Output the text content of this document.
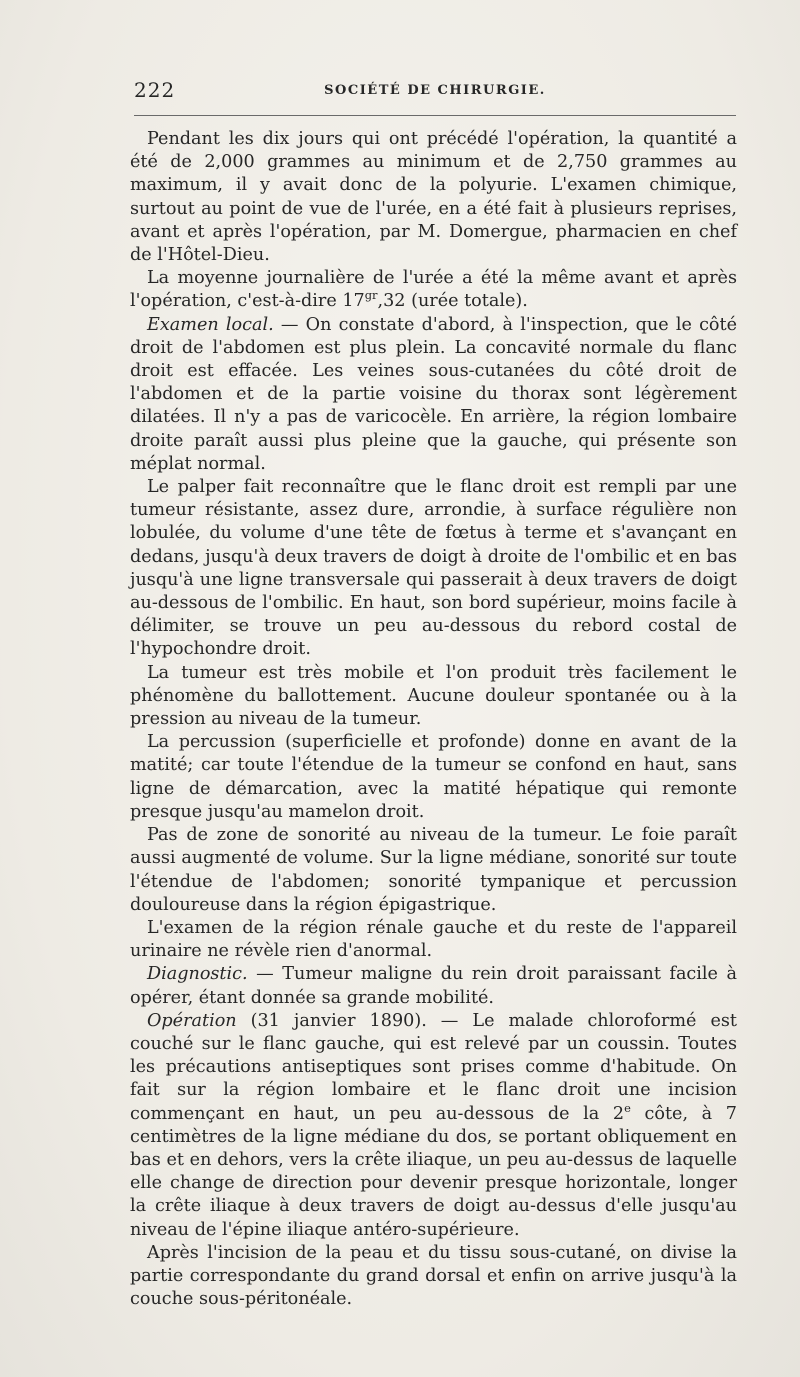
222	SOCIÉTÉ DE CHIRURGIE.

Pendant les dix jours qui ont précédé l'opération, la quantité a été de 2,000 grammes au minimum et de 2,750 grammes au maximum, il y avait donc de la polyurie. L'examen chimique, surtout au point de vue de l'urée, en a été fait à plusieurs reprises, avant et après l'opération, par M. Domergue, pharmacien en chef de l'Hôtel-Dieu.

La moyenne journalière de l'urée a été la même avant et après l'opération, c'est-à-dire $17^{gr},32$ (urée totale).

Examen local. — On constate d'abord, à l'inspection, que le côté droit de l'abdomen est plus plein. La concavité normale du flanc droit est effacée. Les veines sous-cutanées du côté droit de l'abdomen et de la partie voisine du thorax sont légèrement dilatées. Il n'y a pas de varicocèle. En arrière, la région lombaire droite paraît aussi plus pleine que la gauche, qui présente son méplat normal.

Le palper fait reconnaître que le flanc droit est rempli par une tumeur résistante, assez dure, arrondie, à surface régulière non lobulée, du volume d'une tête de fœtus à terme et s'avançant en dedans, jusqu'à deux travers de doigt à droite de l'ombilic et en bas jusqu'à une ligne transversale qui passerait à deux travers de doigt au-dessous de l'ombilic. En haut, son bord supérieur, moins facile à délimiter, se trouve un peu au-dessous du rebord costal de l'hypochondre droit.

La tumeur est très mobile et l'on produit très facilement le phénomène du ballottement. Aucune douleur spontanée ou à la pression au niveau de la tumeur.

La percussion (superficielle et profonde) donne en avant de la matité; car toute l'étendue de la tumeur se confond en haut, sans ligne de démarcation, avec la matité hépatique qui remonte presque jusqu'au mamelon droit.

Pas de zone de sonorité au niveau de la tumeur. Le foie paraît aussi augmenté de volume. Sur la ligne médiane, sonorité sur toute l'étendue de l'abdomen; sonorité tympanique et percussion douloureuse dans la région épigastrique.

L'examen de la région rénale gauche et du reste de l'appareil urinaire ne révèle rien d'anormal.

Diagnostic. — Tumeur maligne du rein droit paraissant facile à opérer, étant donnée sa grande mobilité.

Opération (31 janvier 1890). — Le malade chloroformé est couché sur le flanc gauche, qui est relevé par un coussin. Toutes les précautions antiseptiques sont prises comme d'habitude. On fait sur la région lombaire et le flanc droit une incision commençant en haut, un peu au-dessous de la 2e côte, à 7 centimètres de la ligne médiane du dos, se portant obliquement en bas et en dehors, vers la crête iliaque, un peu au-dessus de laquelle elle change de direction pour devenir presque horizontale, longer la crête iliaque à deux travers de doigt au-dessus d'elle jusqu'au niveau de l'épine iliaque antéro-supérieure.

Après l'incision de la peau et du tissu sous-cutané, on divise la partie correspondante du grand dorsal et enfin on arrive jusqu'à la couche sous-péritonéale.
